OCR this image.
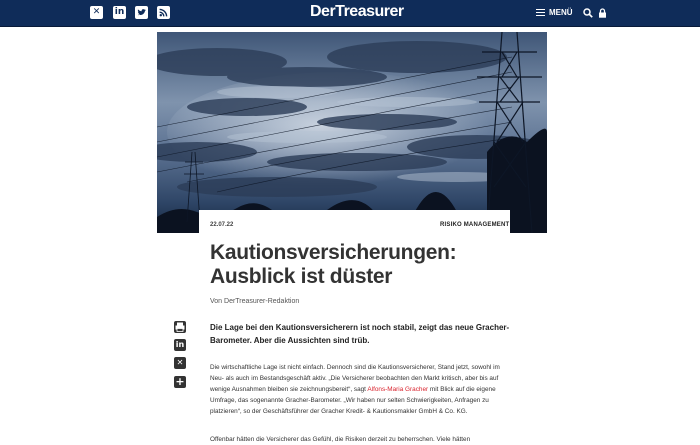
✕	in	DerTreasurer	MENÜ
22.07.22	RISIKO MANAGEMENT
Kautionsversicherungen: Ausblick ist düster
Von DerTreasurer-Redaktion
in
✕
+
Die Lage bei den Kautionsversicherern ist noch stabil, zeigt das neue Gracher-Barometer. Aber die Aussichten sind trüb.
Die wirtschaftliche Lage ist nicht einfach. Dennoch sind die Kautionsversicherer, Stand jetzt, sowohl im Neu- als auch im Bestandsgeschäft aktiv. „Die Versicherer beobachten den Markt kritisch, aber bis auf wenige Ausnahmen bleiben sie zeichnungsbereit“, sagt Alfons-Maria Gracher mit Blick auf die eigene Umfrage, das sogenannte Gracher-Barometer. „Wir haben nur selten Schwierigkeiten, Anfragen zu platzieren“, so der Geschäftsführer der Gracher Kredit- & Kautionsmakler GmbH & Co. KG.
Offenbar hätten die Versicherer das Gefühl, die Risiken derzeit zu beherrschen. Viele hätten
